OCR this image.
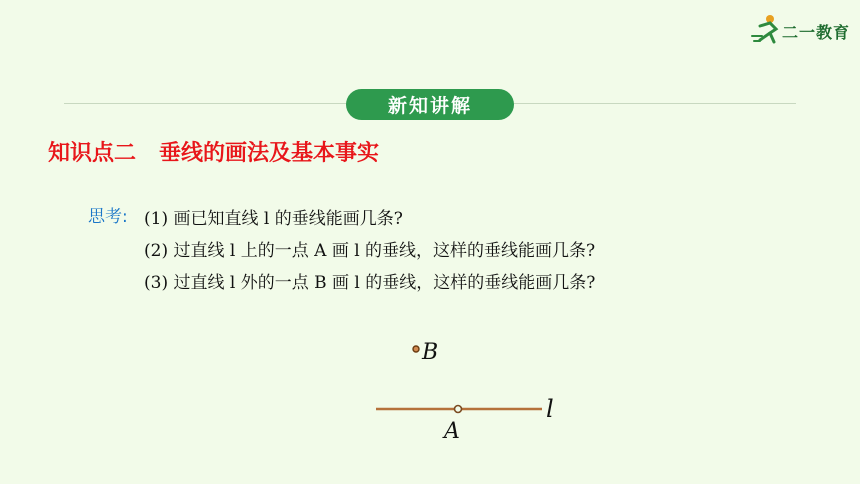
二一教育
新知讲解
知识点二   垂线的画法及基本事实
思考: (1) 画已知直线 l 的垂线能画几条?
(2) 过直线 l 上的一点 A 画 l 的垂线，这样的垂线能画几条?
(3) 过直线 l 外的一点 B 画 l 的垂线，这样的垂线能画几条?
B
A
l
